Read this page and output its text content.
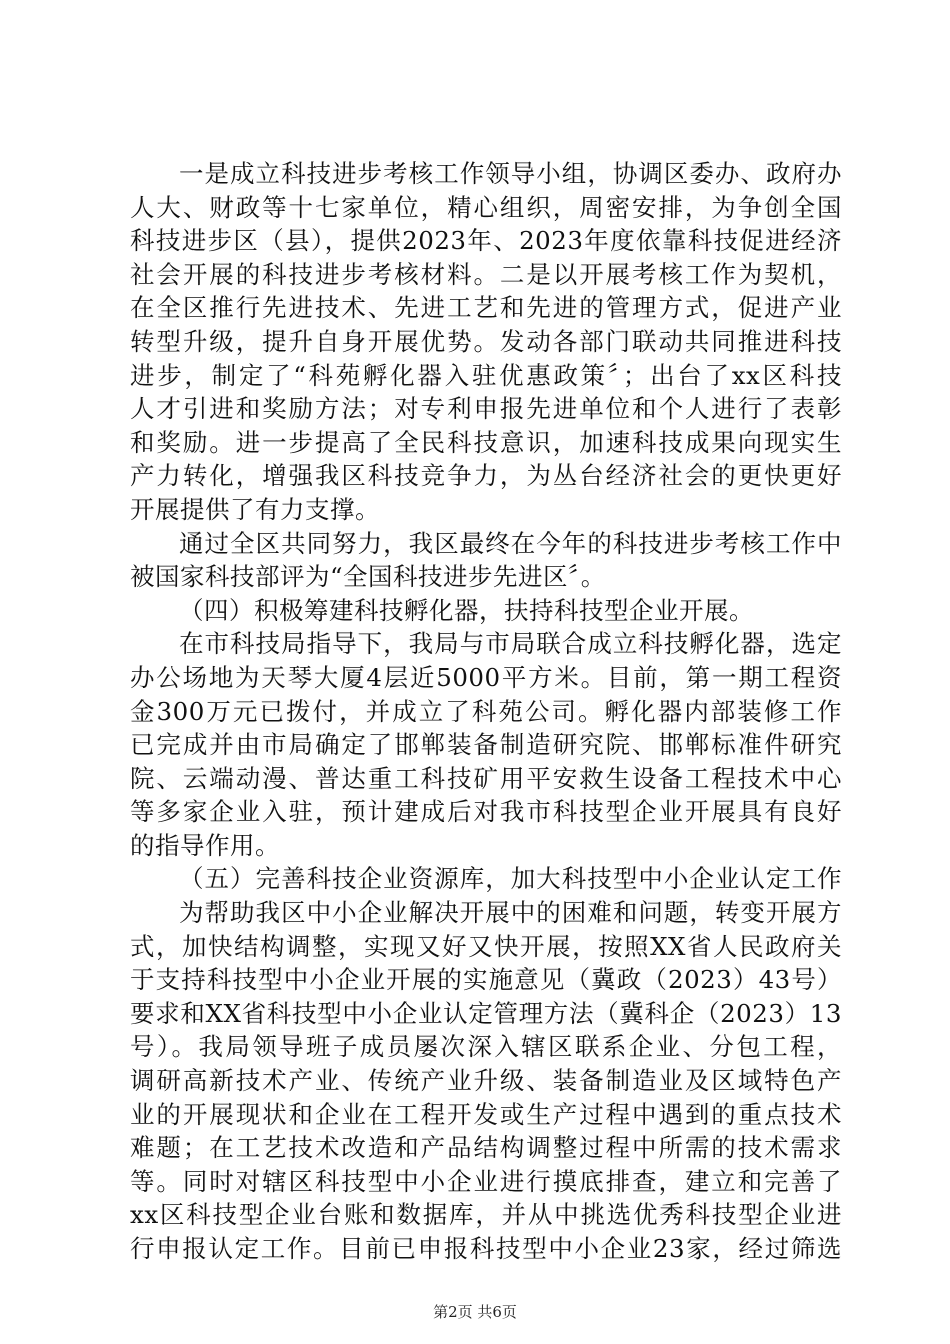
一是成立科技进步考核工作领导小组，协调区委办、政府办
人大、财政等十七家单位，精心组织，周密安排，为争创全国
科技进步区（县），提供2023年、2023年度依靠科技促进经济
社会开展的科技进步考核材料。二是以开展考核工作为契机，
在全区推行先进技术、先进工艺和先进的管理方式，促进产业
转型升级，提升自身开展优势。发动各部门联动共同推进科技
进步，制定了“科苑孵化器入驻优惠政策〞；出台了xx区科技
人才引进和奖励方法；对专利申报先进单位和个人进行了表彰
和奖励。进一步提高了全民科技意识，加速科技成果向现实生
产力转化，增强我区科技竞争力，为丛台经济社会的更快更好
开展提供了有力支撑。
通过全区共同努力，我区最终在今年的科技进步考核工作中
被国家科技部评为“全国科技进步先进区〞。
（四）积极筹建科技孵化器，扶持科技型企业开展。
在市科技局指导下，我局与市局联合成立科技孵化器，选定
办公场地为天琴大厦4层近5000平方米。目前，第一期工程资
金300万元已拨付，并成立了科苑公司。孵化器内部装修工作
已完成并由市局确定了邯郸装备制造研究院、邯郸标准件研究
院、云端动漫、普达重工科技矿用平安救生设备工程技术中心
等多家企业入驻，预计建成后对我市科技型企业开展具有良好
的指导作用。
（五）完善科技企业资源库，加大科技型中小企业认定工作
为帮助我区中小企业解决开展中的困难和问题，转变开展方
式，加快结构调整，实现又好又快开展，按照XX省人民政府关
于支持科技型中小企业开展的实施意见（冀政（2023）43号）
要求和XX省科技型中小企业认定管理方法（冀科企（2023）13
号）。我局领导班子成员屡次深入辖区联系企业、分包工程，
调研高新技术产业、传统产业升级、装备制造业及区域特色产
业的开展现状和企业在工程开发或生产过程中遇到的重点技术
难题；在工艺技术改造和产品结构调整过程中所需的技术需求
等。同时对辖区科技型中小企业进行摸底排查，建立和完善了
xx区科技型企业台账和数据库，并从中挑选优秀科技型企业进
行申报认定工作。目前已申报科技型中小企业23家，经过筛选
第2页 共6页
